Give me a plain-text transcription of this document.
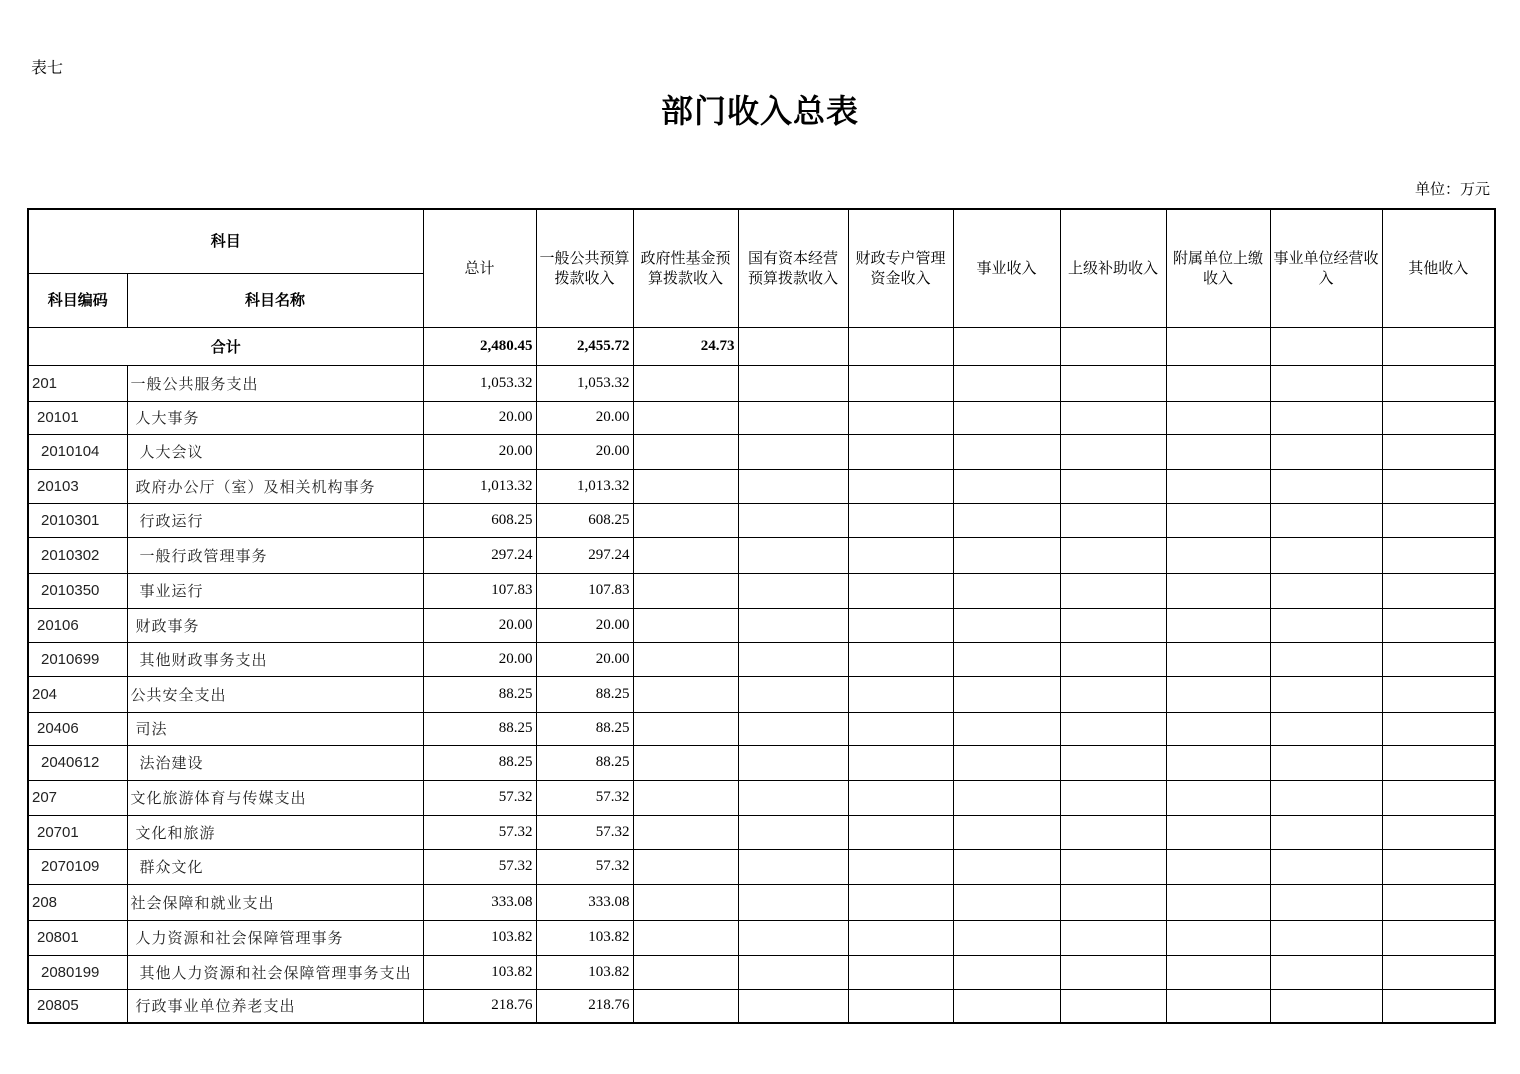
表七
部门收入总表
单位：万元
科目		总计	一般公共预算拨款收入	政府性基金预算拨款收入	国有资本经营预算拨款收入	财政专户管理资金收入	事业收入	上级补助收入	附属单位上缴收入	事业单位经营收入	其他收入
科目编码	科目名称										
合计		2,480.45	2,455.72	24.73							
201	一般公共服务支出	1,053.32	1,053.32								
20101	人大事务	20.00	20.00								
2010104	人大会议	20.00	20.00								
20103	政府办公厅（室）及相关机构事务	1,013.32	1,013.32								
2010301	行政运行	608.25	608.25								
2010302	一般行政管理事务	297.24	297.24								
2010350	事业运行	107.83	107.83								
20106	财政事务	20.00	20.00								
2010699	其他财政事务支出	20.00	20.00								
204	公共安全支出	88.25	88.25								
20406	司法	88.25	88.25								
2040612	法治建设	88.25	88.25								
207	文化旅游体育与传媒支出	57.32	57.32								
20701	文化和旅游	57.32	57.32								
2070109	群众文化	57.32	57.32								
208	社会保障和就业支出	333.08	333.08								
20801	人力资源和社会保障管理事务	103.82	103.82								
2080199	其他人力资源和社会保障管理事务支出	103.82	103.82								
20805	行政事业单位养老支出	218.76	218.76								
